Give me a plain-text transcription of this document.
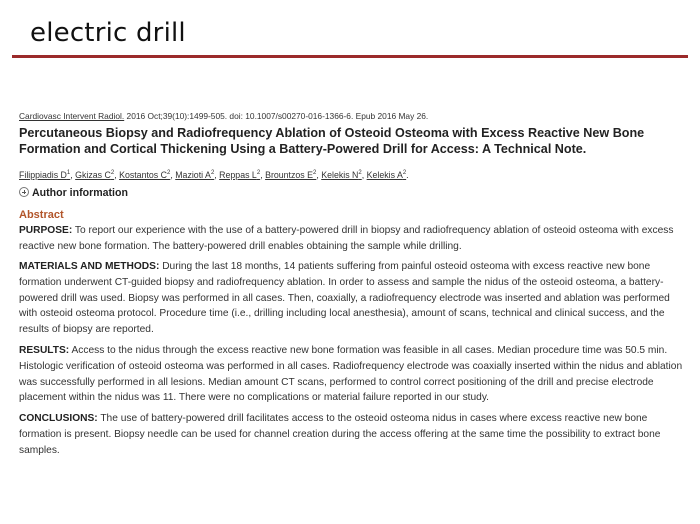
electric drill
Cardiovasc Intervent Radiol. 2016 Oct;39(10):1499-505. doi: 10.1007/s00270-016-1366-6. Epub 2016 May 26.
Percutaneous Biopsy and Radiofrequency Ablation of Osteoid Osteoma with Excess Reactive New Bone Formation and Cortical Thickening Using a Battery-Powered Drill for Access: A Technical Note.
Filippiadis $D^1$, Gkizas $C^2$, Kostantos $C^2$, Mazioti $A^2$, Reppas $L^2$, Brountzos $E^2$, Kelekis $N^2$, Kelekis $A^2$.
Author information
Abstract

PURPOSE: To report our experience with the use of a battery-powered drill in biopsy and radiofrequency ablation of osteoid osteoma with excess reactive new bone formation. The battery-powered drill enables obtaining the sample while drilling.

MATERIALS AND METHODS: During the last 18 months, 14 patients suffering from painful osteoid osteoma with excess reactive new bone formation underwent CT-guided biopsy and radiofrequency ablation. In order to assess and sample the nidus of the osteoid osteoma, a battery-powered drill was used. Biopsy was performed in all cases. Then, coaxially, a radiofrequency electrode was inserted and ablation was performed with osteoid osteoma protocol. Procedure time (i.e., drilling including local anesthesia), amount of scans, technical and clinical success, and the results of biopsy are reported.

RESULTS: Access to the nidus through the excess reactive new bone formation was feasible in all cases. Median procedure time was 50.5 min. Histologic verification of osteoid osteoma was performed in all cases. Radiofrequency electrode was coaxially inserted within the nidus and ablation was successfully performed in all lesions. Median amount CT scans, performed to control correct positioning of the drill and precise electrode placement within the nidus was 11. There were no complications or material failure reported in our study.

CONCLUSIONS: The use of battery-powered drill facilitates access to the osteoid osteoma nidus in cases where excess reactive new bone formation is present. Biopsy needle can be used for channel creation during the access offering at the same time the possibility to extract bone samples.
